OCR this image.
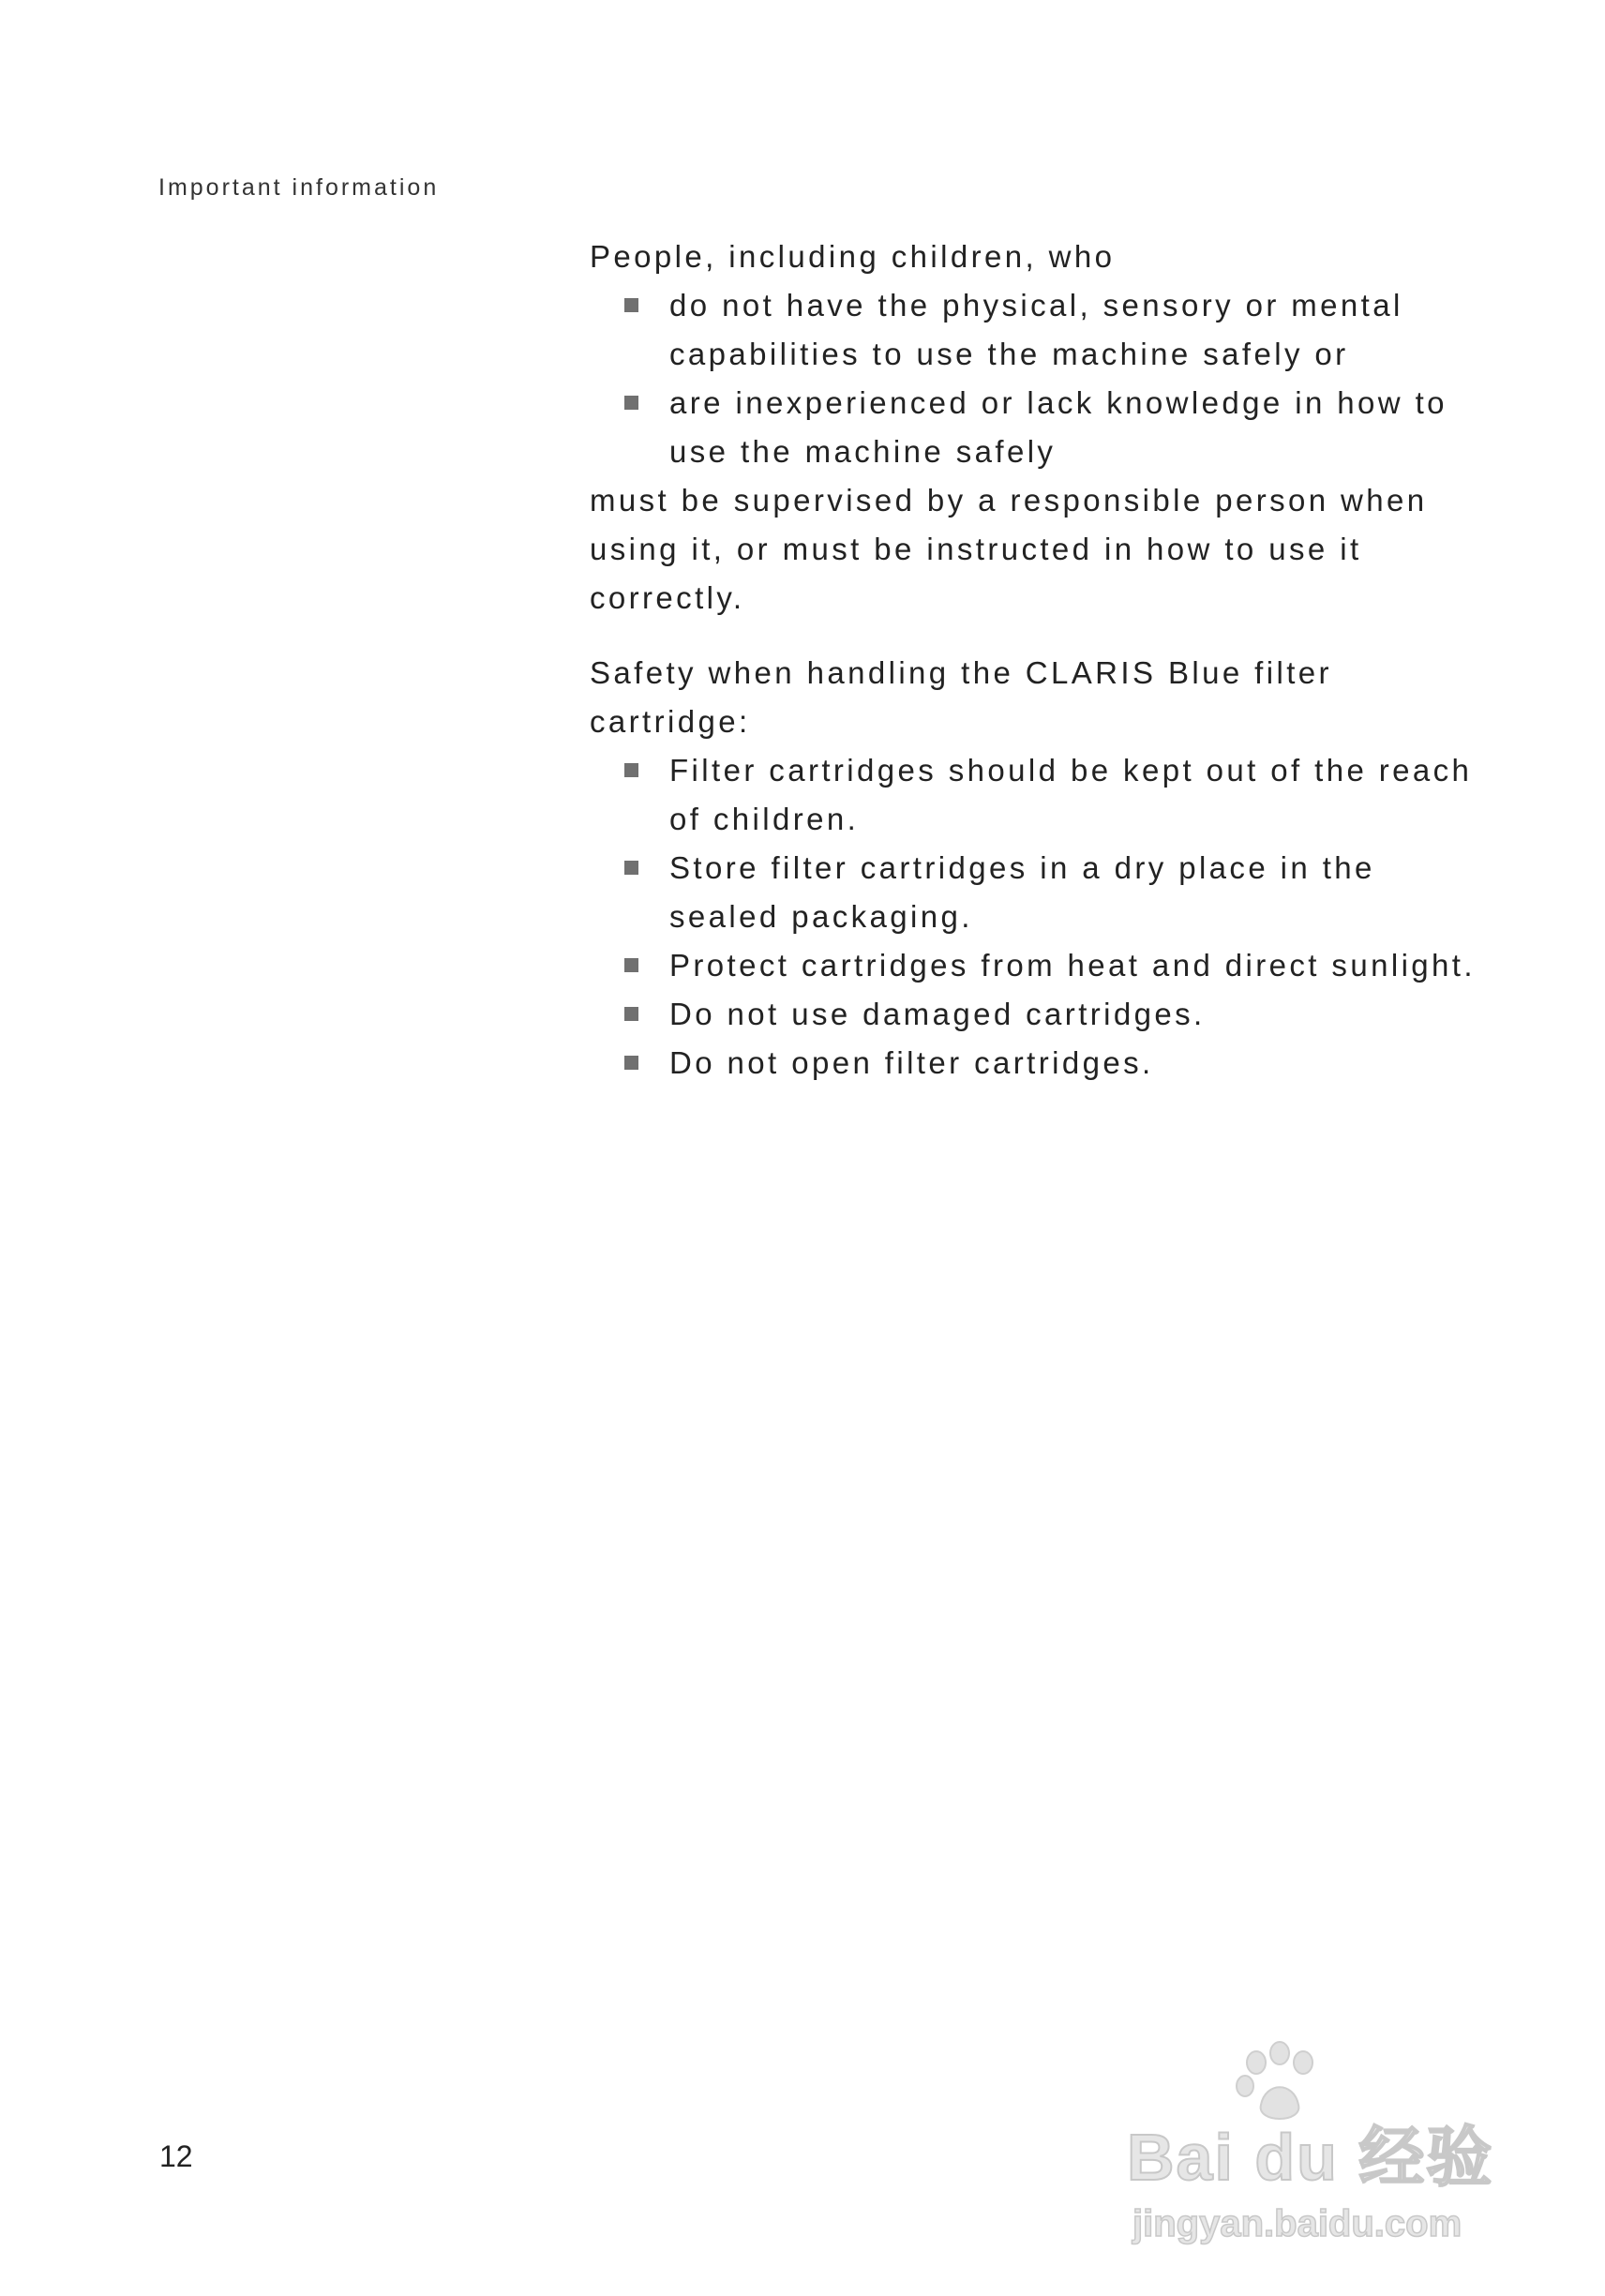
Important information

People, including children, who

do not have the physical, sensory or mental capabilities to use the machine safely or
are inexperienced or lack knowledge in how to use the machine safely

must be supervised by a responsible person when using it, or must be instructed in how to use it correctly.

Safety when handling the CLARIS Blue filter cartridge:

Filter cartridges should be kept out of the reach of children.
Store filter cartridges in a dry place in the sealed packaging.
Protect cartridges from heat and direct sunlight.
Do not use damaged cartridges.
Do not open filter cartridges.
12	Bai du 经验
jingyan.baidu.com
